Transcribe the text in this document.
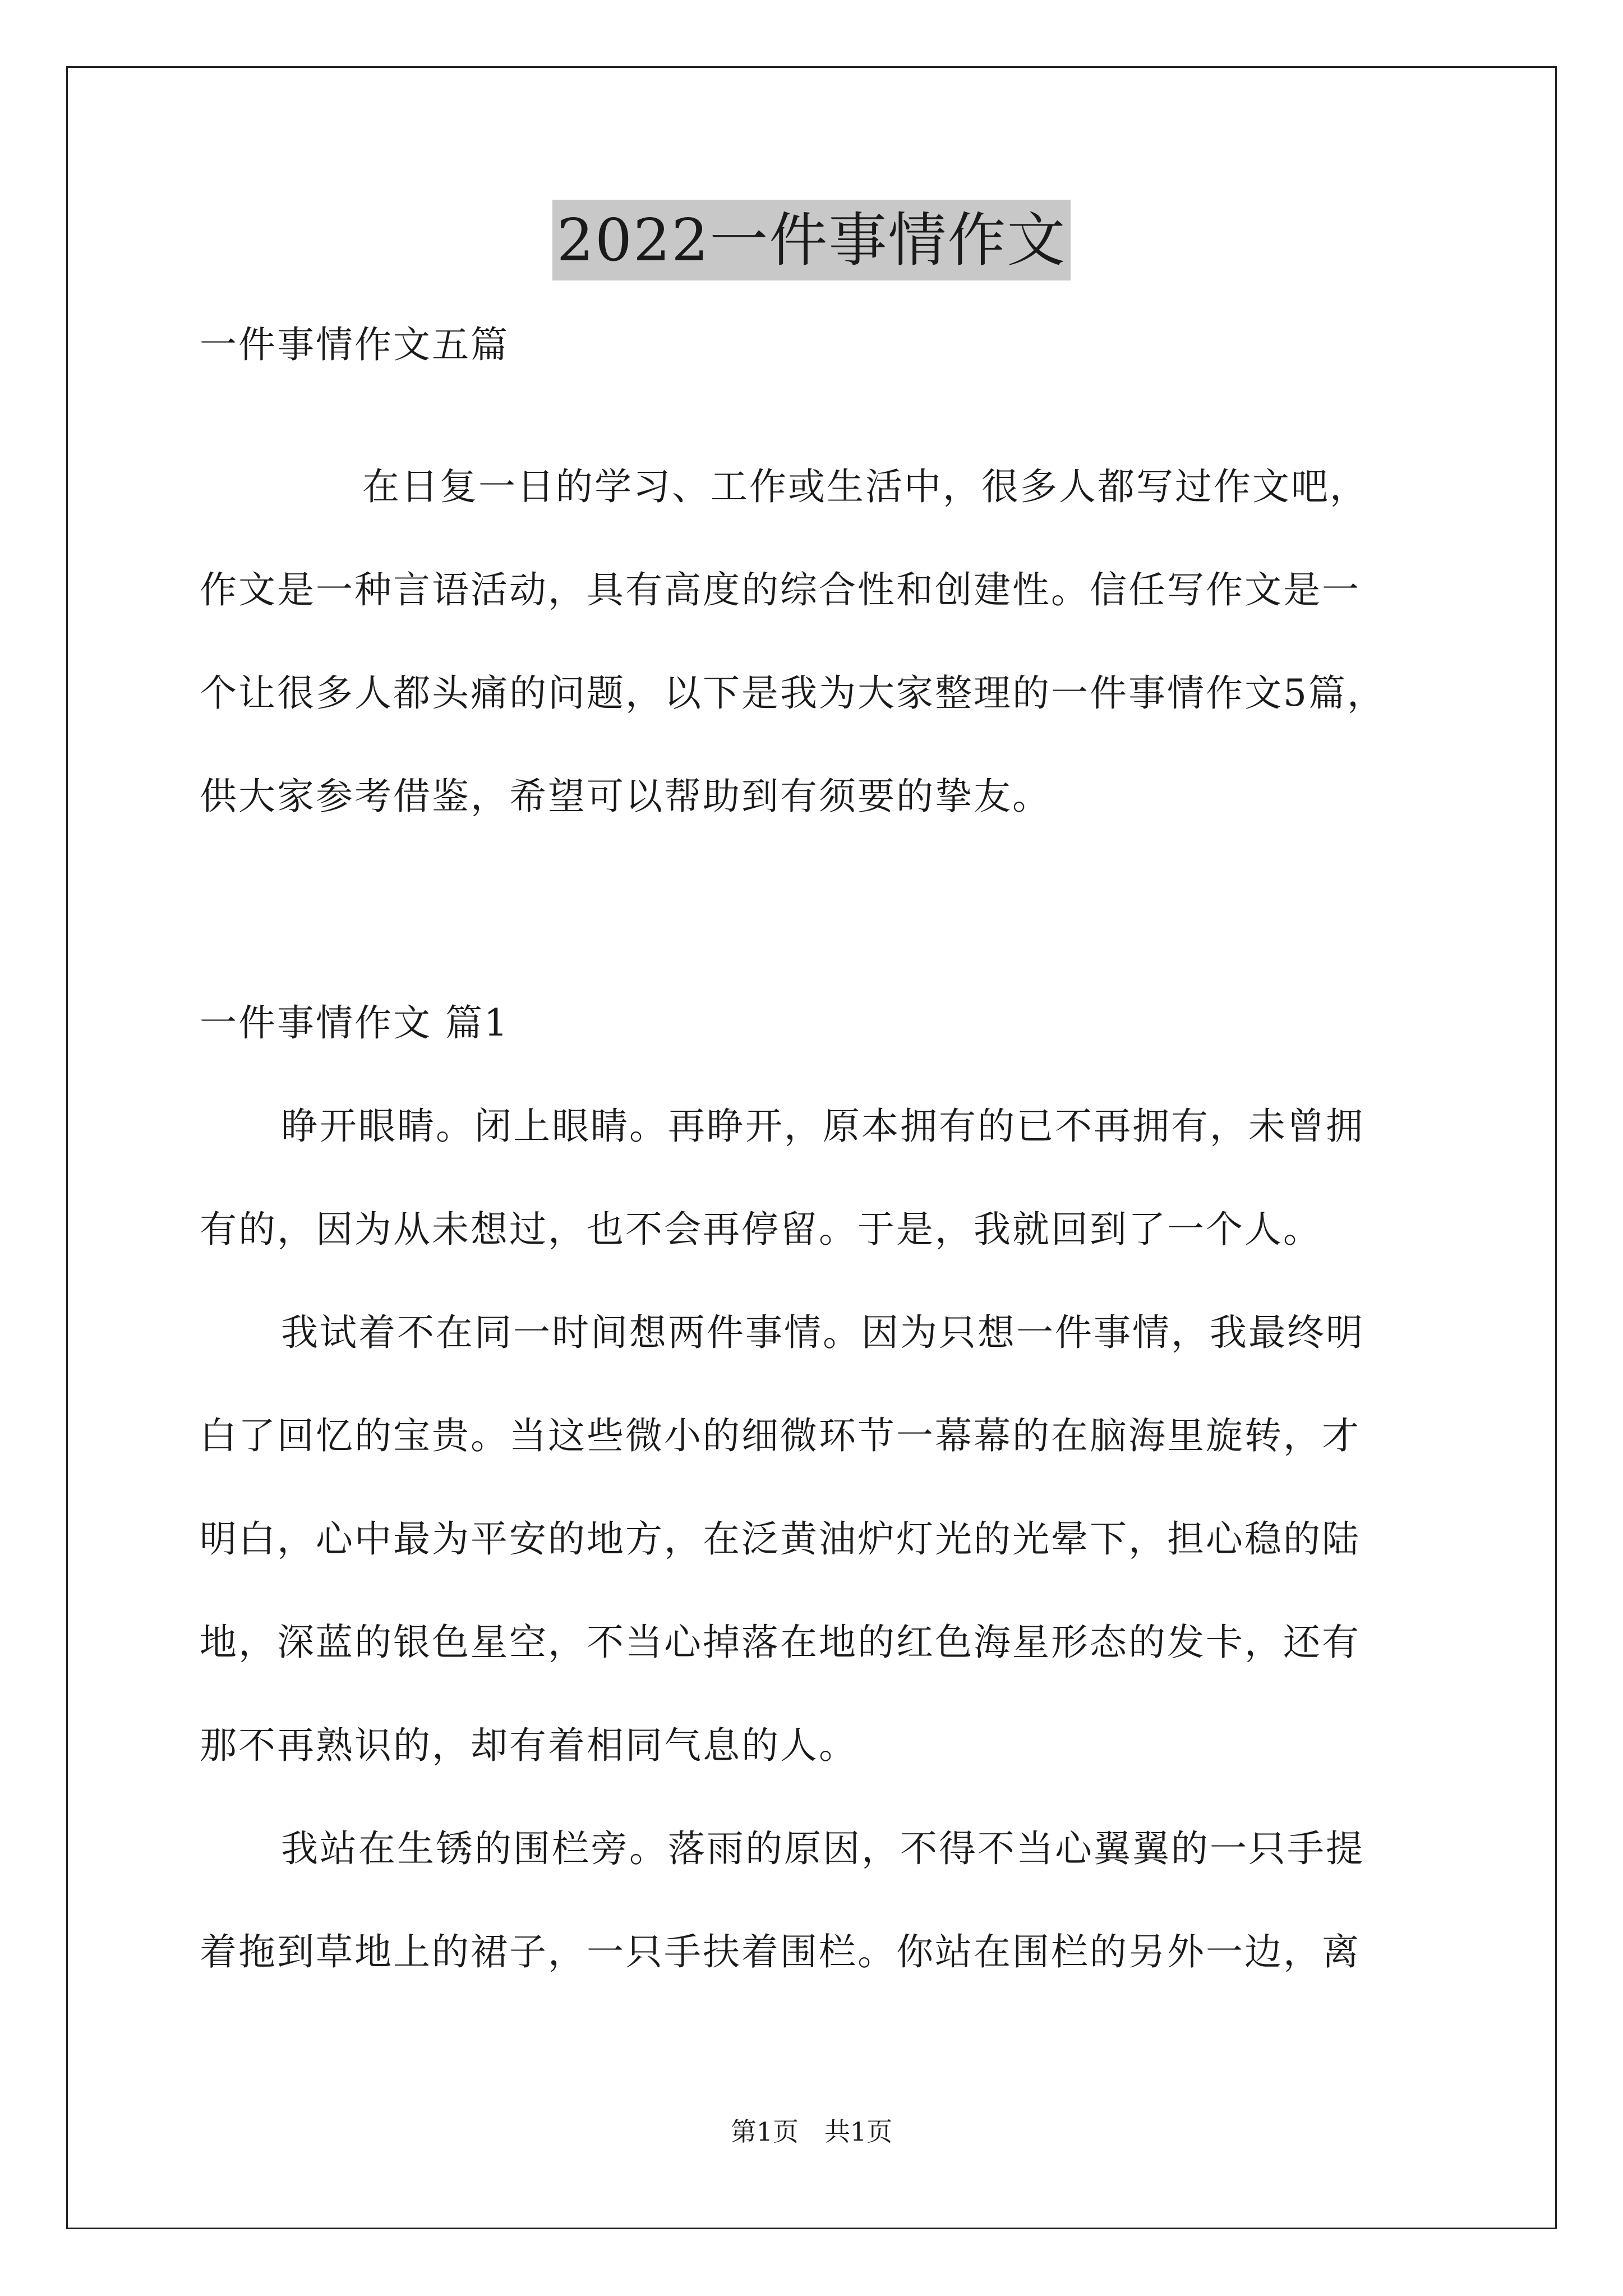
2022一件事情作文
一件事情作文五篇
在日复一日的学习、工作或生活中，很多人都写过作文吧，
作文是一种言语活动，具有高度的综合性和创建性。信任写作文是一
个让很多人都头痛的问题，以下是我为大家整理的一件事情作文5篇，
供大家参考借鉴，希望可以帮助到有须要的挚友。
一件事情作文 篇1
睁开眼睛。闭上眼睛。再睁开，原本拥有的已不再拥有，未曾拥
有的，因为从未想过，也不会再停留。于是，我就回到了一个人。
我试着不在同一时间想两件事情。因为只想一件事情，我最终明
白了回忆的宝贵。当这些微小的细微环节一幕幕的在脑海里旋转，才
明白，心中最为平安的地方，在泛黄油炉灯光的光晕下，担心稳的陆
地，深蓝的银色星空，不当心掉落在地的红色海星形态的发卡，还有
那不再熟识的，却有着相同气息的人。
我站在生锈的围栏旁。落雨的原因，不得不当心翼翼的一只手提
着拖到草地上的裙子，一只手扶着围栏。你站在围栏的另外一边，离
第1页　共1页
